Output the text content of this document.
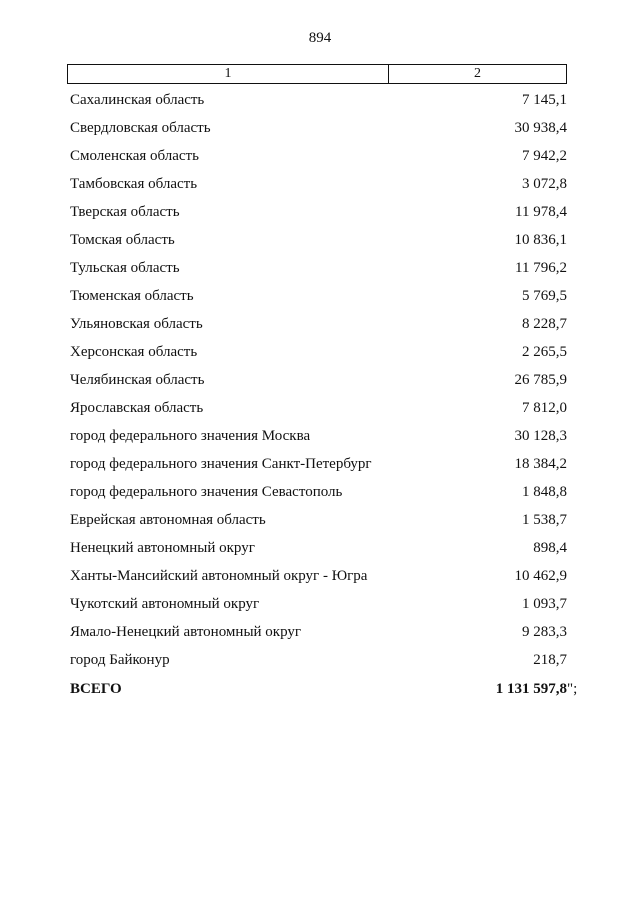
894
1	2
Сахалинская область	7 145,1
Свердловская область	30 938,4
Смоленская область	7 942,2
Тамбовская область	3 072,8
Тверская область	11 978,4
Томская область	10 836,1
Тульская область	11 796,2
Тюменская область	5 769,5
Ульяновская область	8 228,7
Херсонская область	2 265,5
Челябинская область	26 785,9
Ярославская область	7 812,0
город федерального значения Москва	30 128,3
город федерального значения Санкт-Петербург	18 384,2
город федерального значения Севастополь	1 848,8
Еврейская автономная область	1 538,7
Ненецкий автономный округ	898,4
Ханты-Мансийский автономный округ - Югра	10 462,9
Чукотский автономный округ	1 093,7
Ямало-Ненецкий автономный округ	9 283,3
город Байконур	218,7
ВСЕГО	1 131 597,8 ";
